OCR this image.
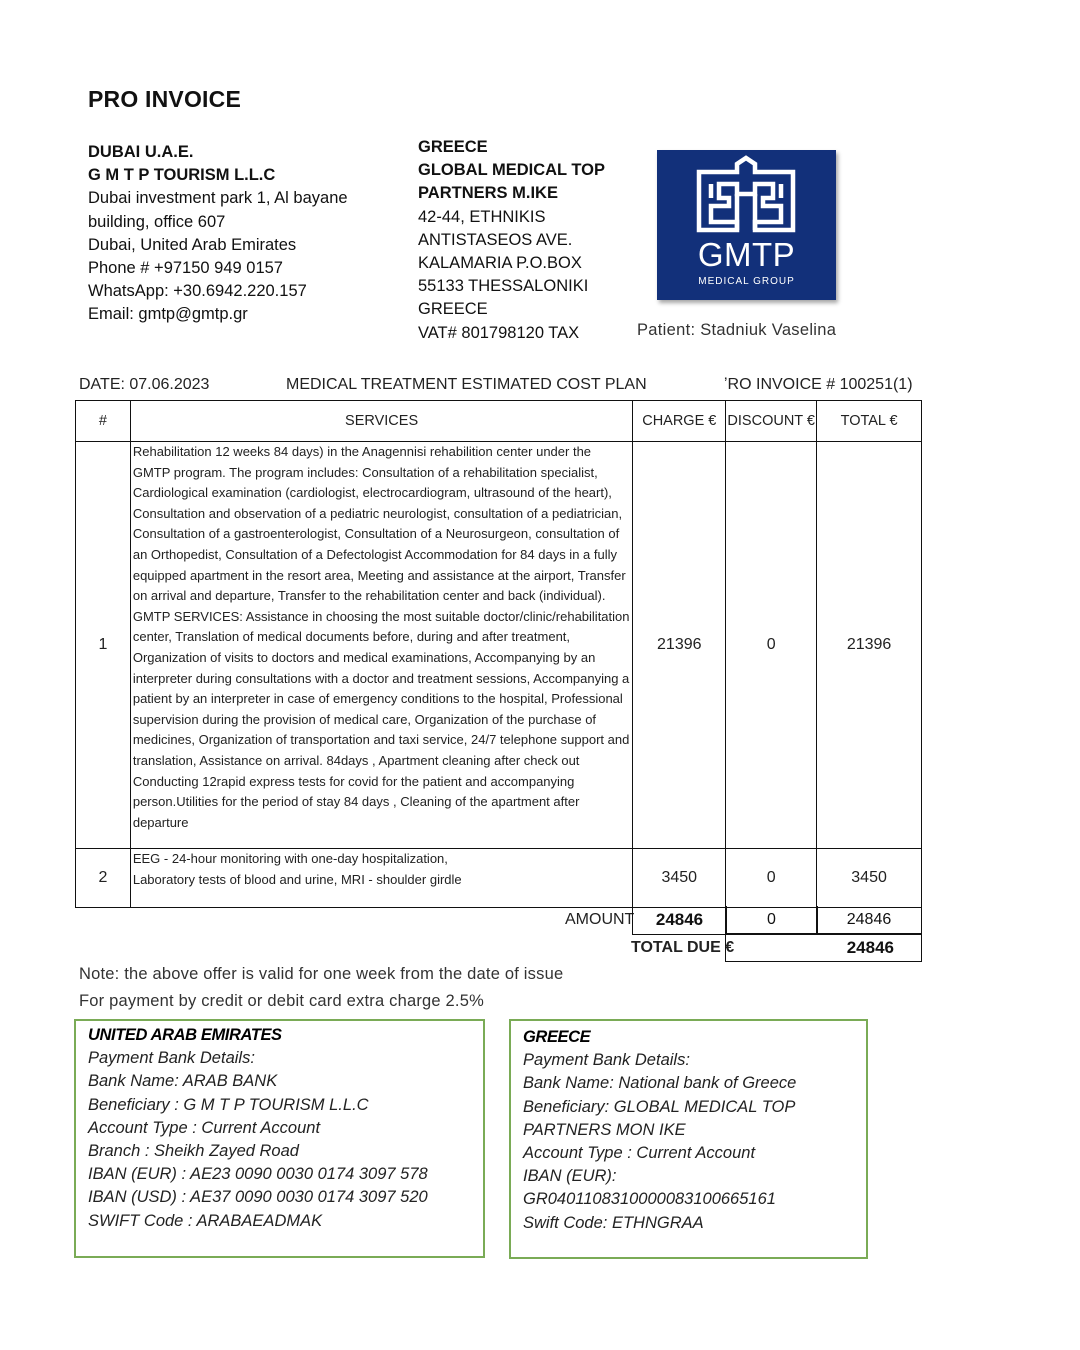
PRO INVOICE
DUBAI U.A.E.
G M T P TOURISM L.L.C
Dubai investment park 1, Al bayane
building, office 607
Dubai, United Arab Emirates
Phone # +97150 949 0157
WhatsApp: +30.6942.220.157
Email: gmtp@gmtp.gr
GREECE
GLOBAL MEDICAL TOP
PARTNERS M.IKE
42-44, ETHNIKIS
ANTISTASEOS AVE.
KALAMARIA P.O.BOX
55133 THESSALONIKI
GREECE
VAT# 801798120 TAX
GMTP
MEDICAL GROUP
Patient: Stadniuk Vaselina
DATE: 07.06.2023	MEDICAL TREATMENT ESTIMATED COST PLAN	ʼRO INVOICE # 100251(1)
#	SERVICES	CHARGE €	DISCOUNT €	TOTAL €
1	Rehabilitation 12 weeks 84 days) in the Anagennisi rehabilition center under the GMTP program. The program includes: Consultation of a rehabilitation specialist, Cardiological examination (cardiologist, electrocardiogram, ultrasound of the heart), Consultation and observation of a pediatric neurologist, consultation of a pediatrician, Consultation of a gastroenterologist, Consultation of a Neurosurgeon, consultation of an Orthopedist, Consultation of a Defectologist Accommodation for 84 days in a fully equipped apartment in the resort area, Meeting and assistance at the airport, Transfer on arrival and departure, Transfer to the rehabilitation center and back (individual). GMTP SERVICES: Assistance in choosing the most suitable doctor/clinic/rehabilitation center, Translation of medical documents before, during and after treatment, Organization of visits to doctors and medical examinations, Accompanying by an interpreter during consultations with a doctor and treatment sessions, Accompanying a patient by an interpreter in case of emergency conditions to the hospital, Professional supervision during the provision of medical care, Organization of the purchase of medicines, Organization of transportation and taxi service, 24/7 telephone support and translation, Assistance on arrival. 84days , Apartment cleaning after check out Conducting 12rapid express tests for covid for the patient and accompanying person.Utilities for the period of stay 84 days , Cleaning of the apartment after departure	21396	0	21396
2	EEG - 24-hour monitoring with one-day hospitalization, Laboratory tests of blood and urine, MRI - shoulder girdle	3450	0	3450
AMOUNT	24846	0	24846
TOTAL DUE €	24846
Note: the above offer is valid for one week from the date of issue
For payment by credit or debit card extra charge 2.5%
UNITED ARAB EMIRATES
Payment Bank Details:
Bank Name: ARAB BANK
Beneficiary : G M T P TOURISM L.L.C
Account Type : Current Account
Branch : Sheikh Zayed Road
IBAN (EUR) : AE23 0090 0030 0174 3097 578
IBAN (USD) : AE37 0090 0030 0174 3097 520
SWIFT Code : ARABAEADMAK
GREECE
Payment Bank Details:
Bank Name: National bank of Greece
Beneficiary: GLOBAL MEDICAL TOP
PARTNERS MON IKE
Account Type : Current Account
IBAN (EUR):
GR0401108310000083100665161
Swift Code: ETHNGRAA
